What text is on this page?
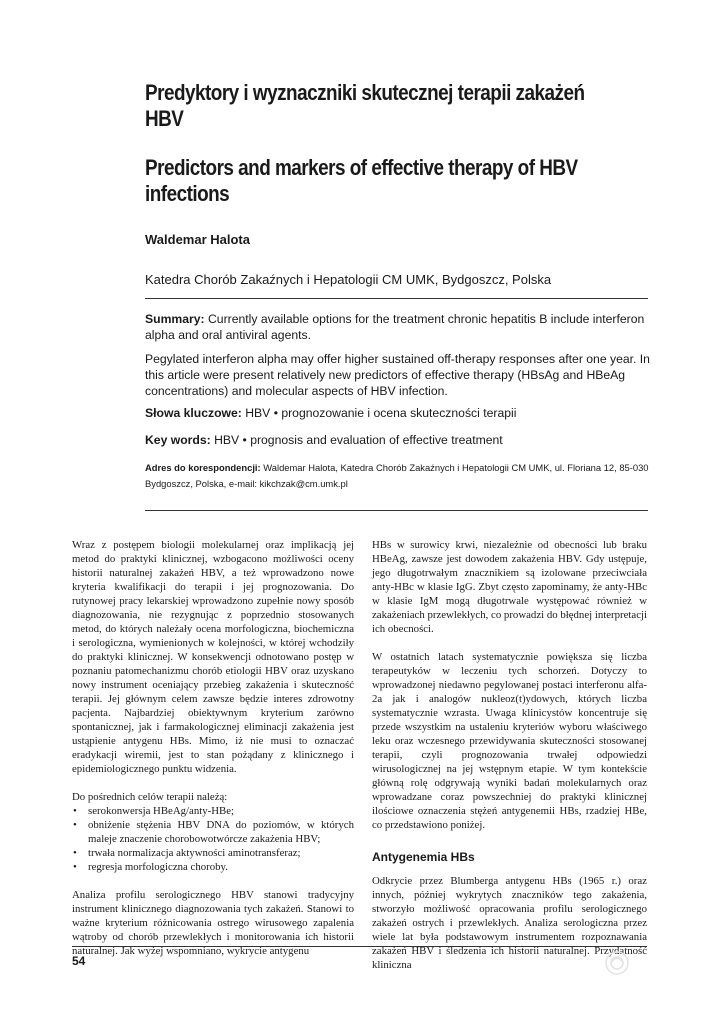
Predyktory i wyznaczniki skutecznej terapii zakażeń HBV
Predictors and markers of effective therapy of HBV infections
Waldemar Halota
Katedra Chorób Zakaźnych i Hepatologii CM UMK, Bydgoszcz, Polska

Summary: Currently available options for the treatment chronic hepatitis B include interferon alpha and oral antiviral agents.

Pegylated interferon alpha may offer higher sustained off-therapy responses after one year. In this article were present relatively new predictors of effective therapy (HBsAg and HBeAg concentrations) and molecular aspects of HBV infection.

Słowa kluczowe: HBV • prognozowanie i ocena skuteczności terapii

Key words: HBV • prognosis and evaluation of effective treatment

Adres do korespondencji: Waldemar Halota, Katedra Chorób Zakaźnych i Hepatologii CM UMK, ul. Floriana 12, 85-030 Bydgoszcz, Polska, e-mail: kikchzak@cm.umk.pl

Wraz z postępem biologii molekularnej oraz implikacją jej metod do praktyki klinicznej, wzbogacono możliwości oceny historii naturalnej zakażeń HBV, a też wprowadzono nowe kryteria kwalifikacji do terapii i jej prognozowania. Do rutynowej pracy lekarskiej wprowadzono zupełnie nowy sposób diagnozowania, nie rezygnując z poprzednio stosowanych metod, do których należały ocena morfologiczna, biochemiczna i serologiczna, wymienionych w kolejności, w której wchodziły do praktyki klinicznej. W konsekwencji odnotowano postęp w poznaniu patomechanizmu chorób etiologii HBV oraz uzyskano nowy instrument oceniający przebieg zakażenia i skuteczność terapii. Jej głównym celem zawsze będzie interes zdrowotny pacjenta. Najbardziej obiektywnym kryterium zarówno spontanicznej, jak i farmakologicznej eliminacji zakażenia jest ustąpienie antygenu HBs. Mimo, iż nie musi to oznaczać eradykacji wiremii, jest to stan pożądany z klinicznego i epidemiologicznego punktu widzenia.

Do pośrednich celów terapii należą:

• serokonwersja HBeAg/anty-HBe;
• obniżenie stężenia HBV DNA do poziomów, w których maleje znaczenie chorobowotwórcze zakażenia HBV;
• trwała normalizacja aktywności aminotransferaz;
• regresja morfologiczna choroby.

Analiza profilu serologicznego HBV stanowi tradycyjny instrument klinicznego diagnozowania tych zakażeń. Stanowi to ważne kryterium różnicowania ostrego wirusowego zapalenia wątroby od chorób przewlekłych i monitorowania ich historii naturalnej. Jak wyżej wspomniano, wykrycie antygenu

HBs w surowicy krwi, niezależnie od obecności lub braku HBeAg, zawsze jest dowodem zakażenia HBV. Gdy ustępuje, jego długotrwałym znacznikiem są izolowane przeciwciała anty-HBc w klasie IgG. Zbyt często zapominamy, że anty-HBc w klasie IgM mogą długotrwale występować również w zakażeniach przewlekłych, co prowadzi do błędnej interpretacji ich obecności.

W ostatnich latach systematycznie powiększa się liczba terapeutyków w leczeniu tych schorzeń. Dotyczy to wprowadzonej niedawno pegylowanej postaci interferonu alfa-2a jak i analogów nukleoz(t)ydowych, których liczba systematycznie wzrasta. Uwaga klinicystów koncentruje się przede wszystkim na ustaleniu kryteriów wyboru właściwego leku oraz wczesnego przewidywania skuteczności stosowanej terapii, czyli prognozowania trwałej odpowiedzi wirusologicznej na jej wstępnym etapie. W tym kontekście główną rolę odgrywają wyniki badań molekularnych oraz wprowadzane coraz powszechniej do praktyki klinicznej ilościowe oznaczenia stężeń antygenemii HBs, rzadziej HBe, co przedstawiono poniżej.

Antygenemia HBs

Odkrycie przez Blumberga antygenu HBs (1965 r.) oraz innych, później wykrytych znaczników tego zakażenia, stworzyło możliwość opracowania profilu serologicznego zakażeń ostrych i przewlekłych. Analiza serologiczna przez wiele lat była podstawowym instrumentem rozpoznawania zakażeń HBV i śledzenia ich historii naturalnej. Przydatność kliniczna

54
